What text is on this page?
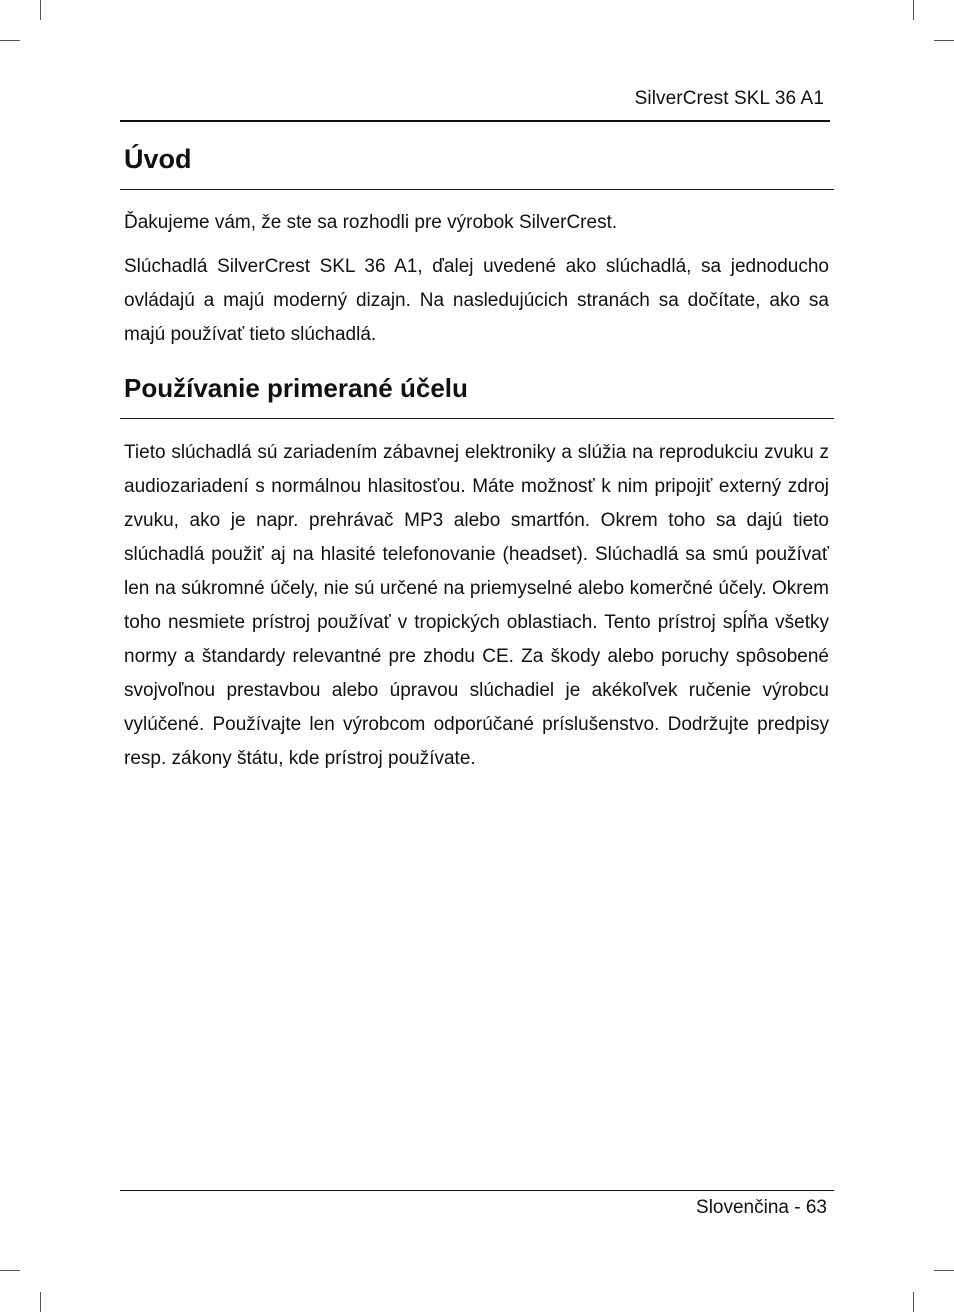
SilverCrest SKL 36 A1
Úvod

Ďakujeme vám, že ste sa rozhodli pre výrobok SilverCrest.

Slúchadlá SilverCrest SKL 36 A1, ďalej uvedené ako slúchadlá, sa jednoducho ovládajú a majú moderný dizajn. Na nasledujúcich stranách sa dočítate, ako sa majú používať tieto slúchadlá.

Používanie primerané účelu

Tieto slúchadlá sú zariadením zábavnej elektroniky a slúžia na reprodukciu zvuku z audiozariadení s normálnou hlasitosťou. Máte možnosť k nim pripojiť externý zdroj zvuku, ako je napr. prehrávač MP3 alebo smartfón. Okrem toho sa dajú tieto slúchadlá použiť aj na hlasité telefonovanie (headset). Slúchadlá sa smú používať len na súkromné účely, nie sú určené na priemyselné alebo komerčné účely. Okrem toho nesmiete prístroj používať v tropických oblastiach. Tento prístroj spĺňa všetky normy a štandardy relevantné pre zhodu CE. Za škody alebo poruchy spôsobené svojvoľnou prestavbou alebo úpravou slúchadiel je akékoľvek ručenie výrobcu vylúčené. Používajte len výrobcom odporúčané príslušenstvo. Dodržujte predpisy resp. zákony štátu, kde prístroj používate.

Slovenčina - 63
